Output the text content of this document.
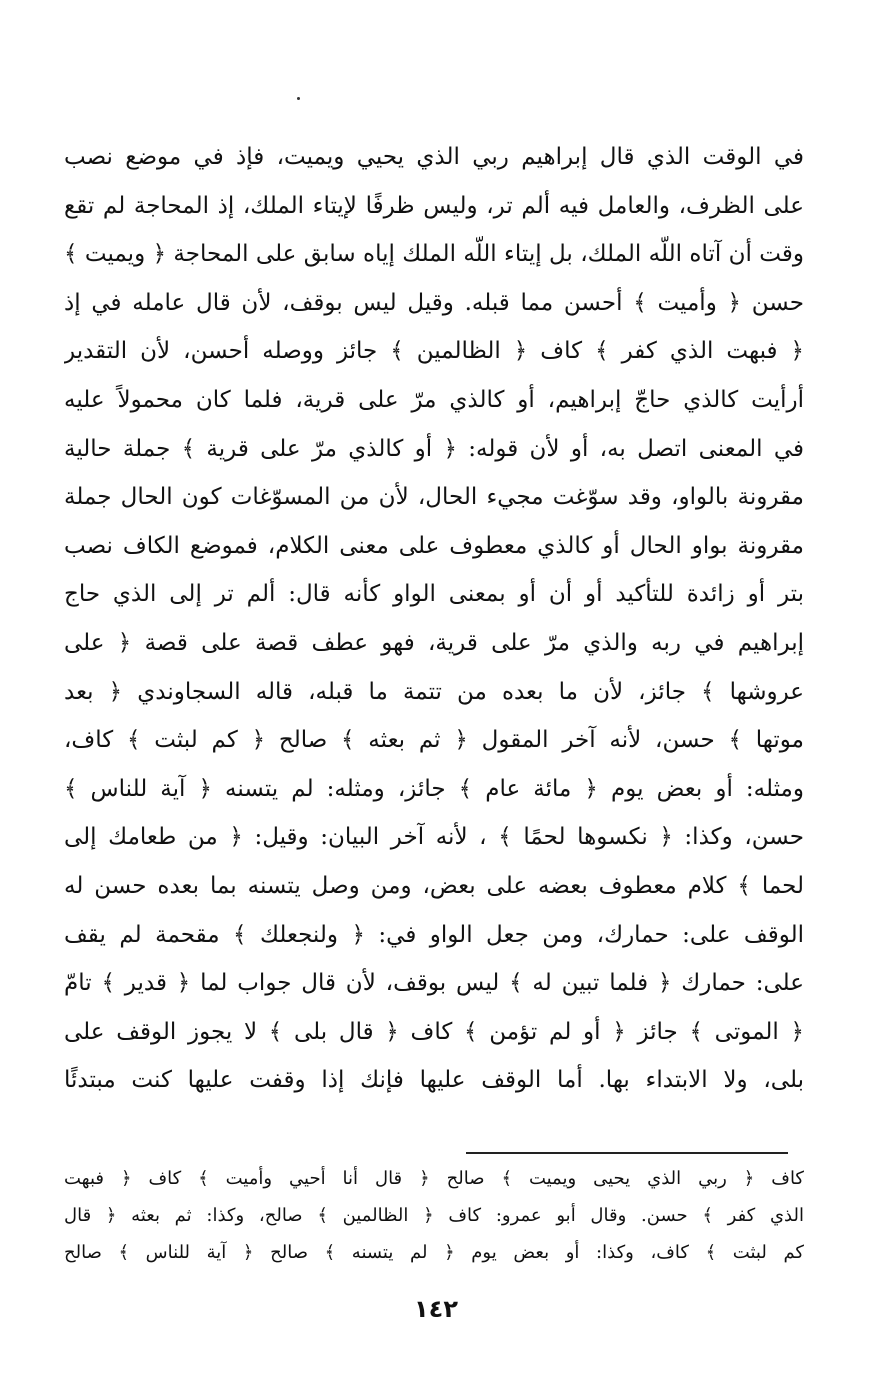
في الوقت الذي قال إبراهيم ربي الذي يحيي ويميت، فإذ في موضع نصب
على الظرف، والعامل فيه ألم تر، وليس ظرفًا لإيتاء الملك، إذ المحاجة لم تقع
وقت أن آتاه اللّه الملك، بل إيتاء اللّه الملك إياه سابق على المحاجة ﴿ ويميت ﴾
حسن ﴿ وأميت ﴾ أحسن مما قبله. وقيل ليس بوقف، لأن قال عامله في إذ
﴿ فبهت الذي كفر ﴾ كاف ﴿ الظالمين ﴾ جائز ووصله أحسن، لأن التقدير
أرأيت كالذي حاجّ إبراهيم، أو كالذي مرّ على قرية، فلما كان محمولاً عليه
في المعنى اتصل به، أو لأن قوله: ﴿ أو كالذي مرّ على قرية ﴾ جملة حالية
مقرونة بالواو، وقد سوّغت مجيء الحال، لأن من المسوّغات كون الحال جملة
مقرونة بواو الحال أو كالذي معطوف على معنى الكلام، فموضع الكاف نصب
بتر أو زائدة للتأكيد أو أن أو بمعنى الواو كأنه قال: ألم تر إلى الذي حاج
إبراهيم في ربه والذي مرّ على قرية، فهو عطف قصة على قصة ﴿ على
عروشها ﴾ جائز، لأن ما بعده من تتمة ما قبله، قاله السجاوندي ﴿ بعد
موتها ﴾ حسن، لأنه آخر المقول ﴿ ثم بعثه ﴾ صالح ﴿ كم لبثت ﴾ كاف،
ومثله: أو بعض يوم ﴿ مائة عام ﴾ جائز، ومثله: لم يتسنه ﴿ آية للناس ﴾
حسن، وكذا: ﴿ نكسوها لحمًا ﴾ ، لأنه آخر البيان: وقيل: ﴿ من طعامك إلى
لحما ﴾ كلام معطوف بعضه على بعض، ومن وصل يتسنه بما بعده حسن له
الوقف على: حمارك، ومن جعل الواو في: ﴿ ولنجعلك ﴾ مقحمة لم يقف
على: حمارك ﴿ فلما تبين له ﴾ ليس بوقف، لأن قال جواب لما ﴿ قدير ﴾ تامّ
﴿ الموتى ﴾ جائز ﴿ أو لم تؤمن ﴾ كاف ﴿ قال بلى ﴾ لا يجوز الوقف على
بلى، ولا الابتداء بها. أما الوقف عليها فإنك إذا وقفت عليها كنت مبتدئًا
كاف ﴿ ربي الذي يحيى ويميت ﴾ صالح ﴿ قال أنا أحيي وأميت ﴾ كاف ﴿ فبهت
الذي كفر ﴾ حسن. وقال أبو عمرو: كاف ﴿ الظالمين ﴾ صالح، وكذا: ثم بعثه ﴿ قال
كم لبثت ﴾ كاف، وكذا: أو بعض يوم ﴿ لم يتسنه ﴾ صالح ﴿ آية للناس ﴾ صالح
١٤٢
